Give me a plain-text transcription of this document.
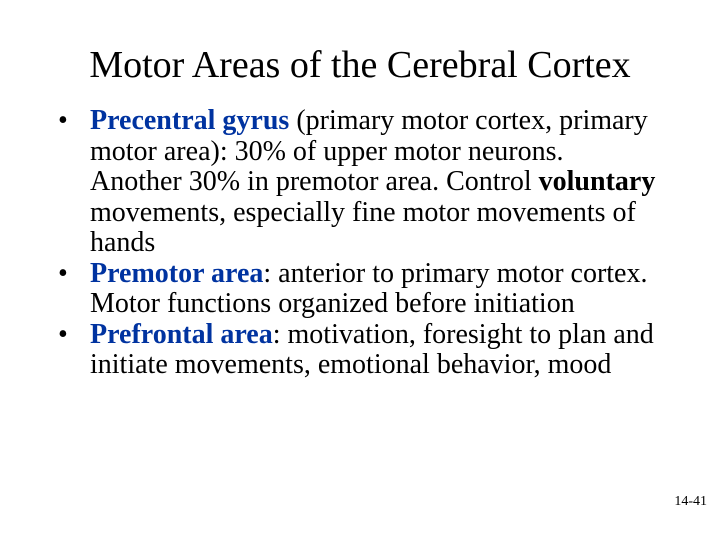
Motor Areas of the Cerebral Cortex
• Precentral gyrus (primary motor cortex, primary motor area): 30% of upper motor neurons. Another 30% in premotor area. Control voluntary movements, especially fine motor movements of hands
• Premotor area: anterior to primary motor cortex. Motor functions organized before initiation
• Prefrontal area: motivation, foresight to plan and initiate movements, emotional behavior, mood
14-41
